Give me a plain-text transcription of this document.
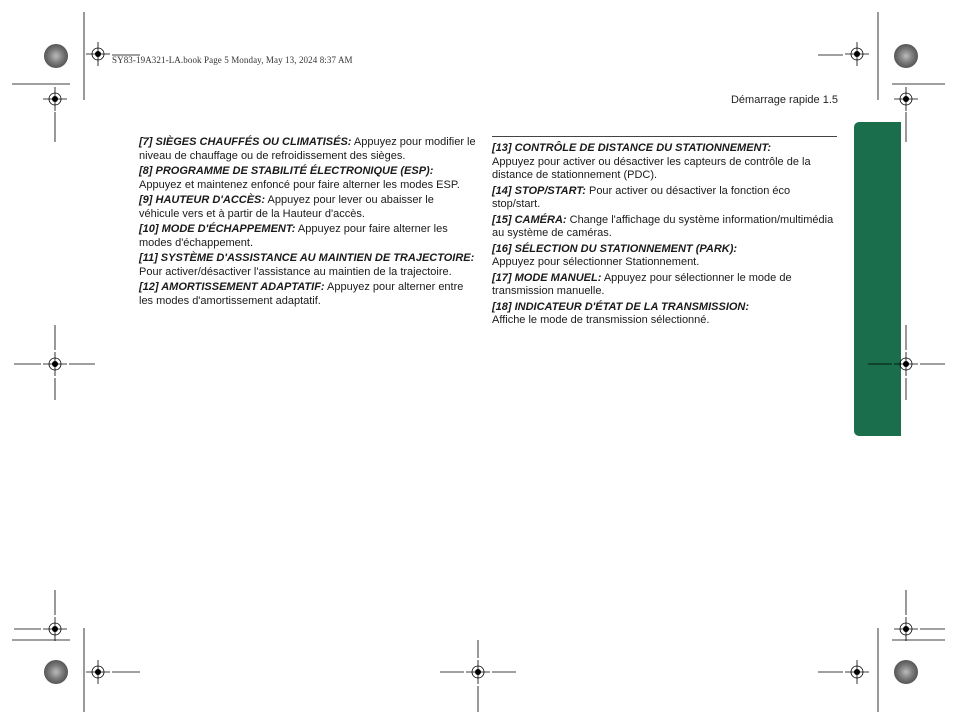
SY83-19A321-LA.book Page 5 Monday, May 13, 2024 8:37 AM
Démarrage rapide 1.5

[7] SIÈGES CHAUFFÉS OU CLIMATISÉS: Appuyez pour modifier le niveau de chauffage ou de refroidissement des sièges.

[8] PROGRAMME DE STABILITÉ ÉLECTRONIQUE (ESP): Appuyez et maintenez enfoncé pour faire alterner les modes ESP.

[9] HAUTEUR D'ACCÈS: Appuyez pour lever ou abaisser le véhicule vers et à partir de la Hauteur d'accès.

[10] MODE D'ÉCHAPPEMENT: Appuyez pour faire alterner les modes d'échappement.

[11] SYSTÈME D'ASSISTANCE AU MAINTIEN DE TRAJECTOIRE: Pour activer/désactiver l'assistance au maintien de la trajectoire.

[12] AMORTISSEMENT ADAPTATIF: Appuyez pour alterner entre les modes d'amortissement adaptatif.

[13] CONTRÔLE DE DISTANCE DU STATIONNEMENT:
Appuyez pour activer ou désactiver les capteurs de contrôle de la distance de stationnement (PDC).

[14] STOP/START: Pour activer ou désactiver la fonction éco stop/start.

[15] CAMÉRA: Change l'affichage du système information/multimédia au système de caméras.

[16] SÉLECTION DU STATIONNEMENT (PARK):
Appuyez pour sélectionner Stationnement.

[17] MODE MANUEL: Appuyez pour sélectionner le mode de transmission manuelle.

[18] INDICATEUR D'ÉTAT DE LA TRANSMISSION:
Affiche le mode de transmission sélectionné.
